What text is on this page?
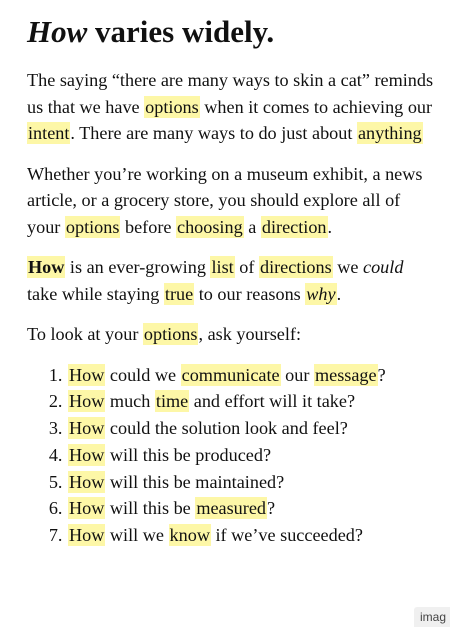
How varies widely.

The saying “there are many ways to skin a cat” reminds us that we have options when it comes to achieving our intent. There are many ways to do just about anything

Whether you’re working on a museum exhibit, a news article, or a grocery store, you should explore all of your options before choosing a direction.

How is an ever-growing list of directions we could take while staying true to our reasons why.

To look at your options, ask yourself:

1. How could we communicate our message?
2. How much time and effort will it take?
3. How could the solution look and feel?
4. How will this be produced?
5. How will this be maintained?
6. How will this be measured?
7. How will we know if we’ve succeeded?
imag
